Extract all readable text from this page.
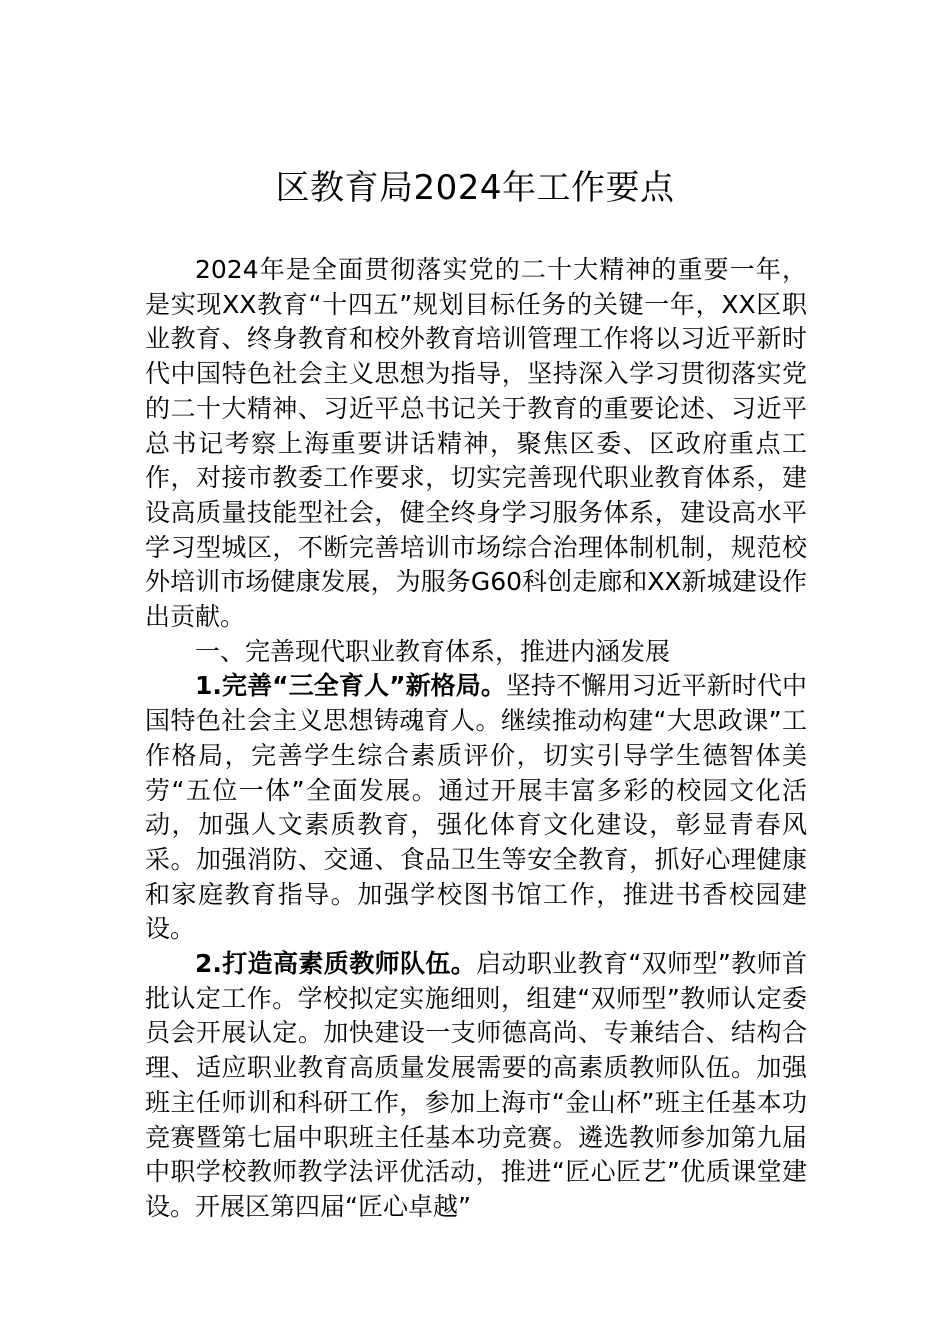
区教育局2024年工作要点

2024年是全面贯彻落实党的二十大精神的重要一年，是实现XX教育“十四五”规划目标任务的关键一年，XX区职业教育、终身教育和校外教育培训管理工作将以习近平新时代中国特色社会主义思想为指导，坚持深入学习贯彻落实党的二十大精神、习近平总书记关于教育的重要论述、习近平总书记考察上海重要讲话精神，聚焦区委、区政府重点工作，对接市教委工作要求，切实完善现代职业教育体系，建设高质量技能型社会，健全终身学习服务体系，建设高水平学习型城区，不断完善培训市场综合治理体制机制，规范校外培训市场健康发展，为服务G60科创走廊和XX新城建设作出贡献。

一、完善现代职业教育体系，推进内涵发展

1.完善“三全育人”新格局。坚持不懈用习近平新时代中国特色社会主义思想铸魂育人。继续推动构建“大思政课”工作格局，完善学生综合素质评价，切实引导学生德智体美劳“五位一体”全面发展。通过开展丰富多彩的校园文化活动，加强人文素质教育，强化体育文化建设，彰显青春风采。加强消防、交通、食品卫生等安全教育，抓好心理健康和家庭教育指导。加强学校图书馆工作，推进书香校园建设。

2.打造高素质教师队伍。启动职业教育“双师型”教师首批认定工作。学校拟定实施细则，组建“双师型”教师认定委员会开展认定。加快建设一支师德高尚、专兼结合、结构合理、适应职业教育高质量发展需要的高素质教师队伍。加强班主任师训和科研工作，参加上海市“金山杯”班主任基本功竞赛暨第七届中职班主任基本功竞赛。遴选教师参加第九届中职学校教师教学法评优活动，推进“匠心匠艺”优质课堂建设。开展区第四届“匠心卓越”
